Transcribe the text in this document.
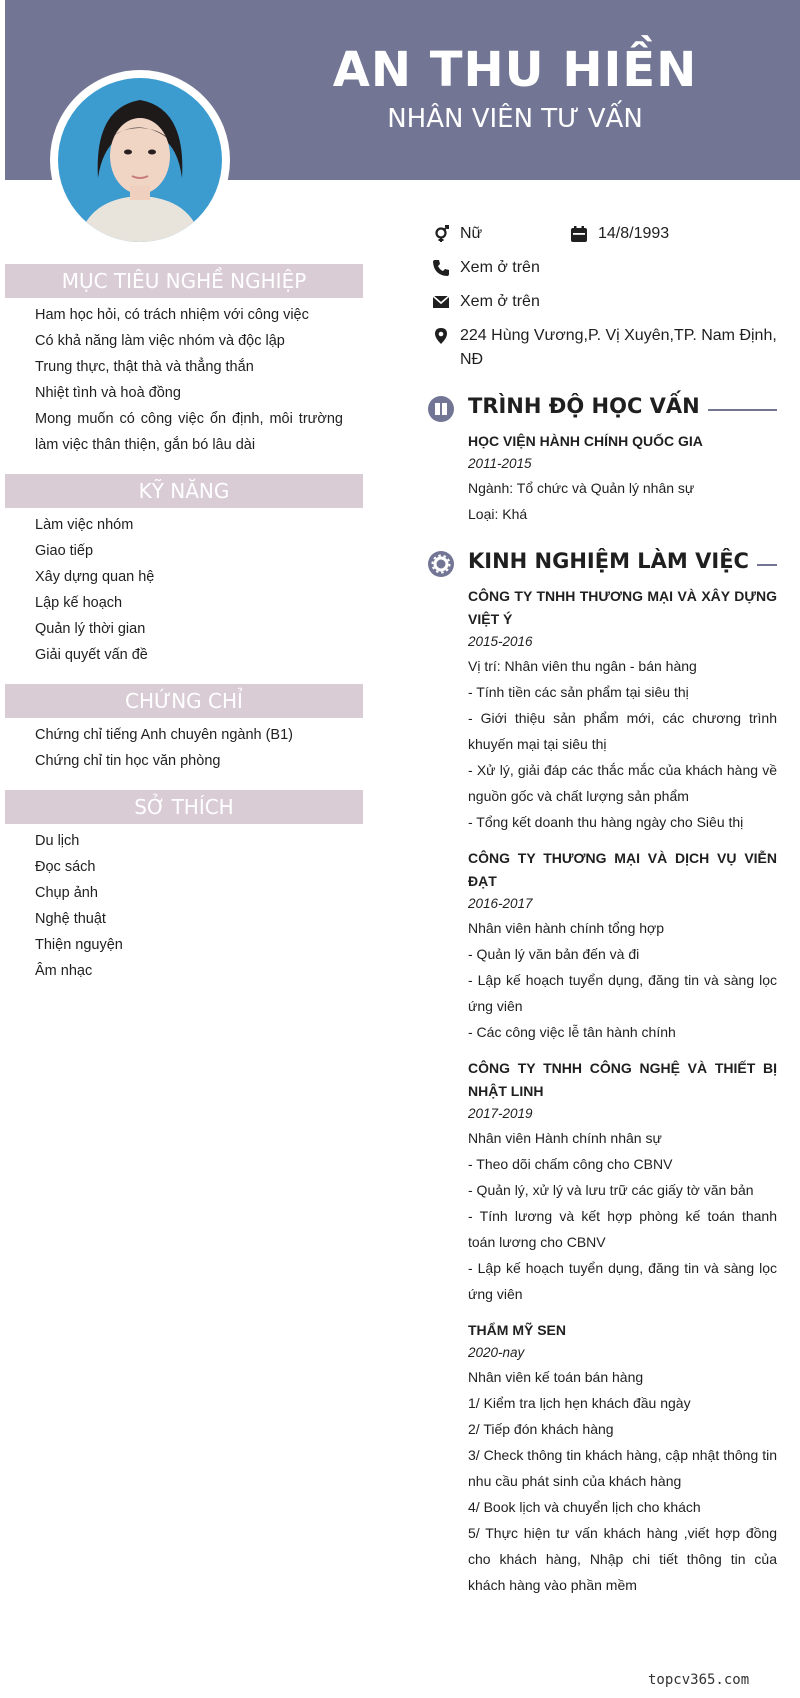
AN THU HIỀN
NHÂN VIÊN TƯ VẤN
MỤC TIÊU NGHỀ NGHIỆP
Ham học hỏi, có trách nhiệm với công việc
Có khả năng làm việc nhóm và độc lập
Trung thực, thật thà và thẳng thắn
Nhiệt tình và hoà đồng
Mong muốn có công việc ổn định, môi trường làm việc thân thiện, gắn bó lâu dài
KỸ NĂNG
Làm việc nhóm
Giao tiếp
Xây dựng quan hệ
Lập kế hoạch
Quản lý thời gian
Giải quyết vấn đề
CHỨNG CHỈ
Chứng chỉ tiếng Anh chuyên ngành (B1)
Chứng chỉ tin học văn phòng
SỞ THÍCH
Du lịch
Đọc sách
Chụp ảnh
Nghệ thuật
Thiện nguyện
Âm nhạc
Nữ	14/8/1993
Xem ở trên
Xem ở trên
224 Hùng Vương,P. Vị Xuyên,TP. Nam Định, NĐ
TRÌNH ĐỘ HỌC VẤN
HỌC VIỆN HÀNH CHÍNH QUỐC GIA
2011-2015
Ngành: Tổ chức và Quản lý nhân sự
Loại: Khá
KINH NGHIỆM LÀM VIỆC
CÔNG TY TNHH THƯƠNG MẠI VÀ XÂY DỰNG VIỆT Ý
2015-2016
Vị trí: Nhân viên thu ngân - bán hàng
- Tính tiền các sản phẩm tại siêu thị
- Giới thiệu sản phẩm mới, các chương trình khuyến mại tại siêu thị
- Xử lý, giải đáp các thắc mắc của khách hàng về nguồn gốc và chất lượng sản phẩm
- Tổng kết doanh thu hàng ngày cho Siêu thị
CÔNG TY THƯƠNG MẠI VÀ DỊCH VỤ VIỄN ĐẠT
2016-2017
Nhân viên hành chính tổng hợp
- Quản lý văn bản đến và đi
- Lập kế hoạch tuyển dụng, đăng tin và sàng lọc ứng viên
- Các công việc lễ tân hành chính
CÔNG TY TNHH CÔNG NGHỆ VÀ THIẾT BỊ NHẬT LINH
2017-2019
Nhân viên Hành chính nhân sự
- Theo dõi chấm công cho CBNV
- Quản lý, xử lý và lưu trữ các giấy tờ văn bản
- Tính lương và kết hợp phòng kế toán thanh toán lương cho CBNV
- Lập kế hoạch tuyển dụng, đăng tin và sàng lọc ứng viên
THẨM MỸ SEN
2020-nay
Nhân viên kế toán bán hàng
1/ Kiểm tra lịch hẹn khách đầu ngày
2/ Tiếp đón khách hàng
3/ Check thông tin khách hàng, cập nhật thông tin nhu cầu phát sinh của khách hàng
4/ Book lịch và chuyển lịch cho khách
5/ Thực hiện tư vấn khách hàng ,viết hợp đồng cho khách hàng, Nhập chi tiết thông tin của khách hàng vào phần mềm
topcv365.com
